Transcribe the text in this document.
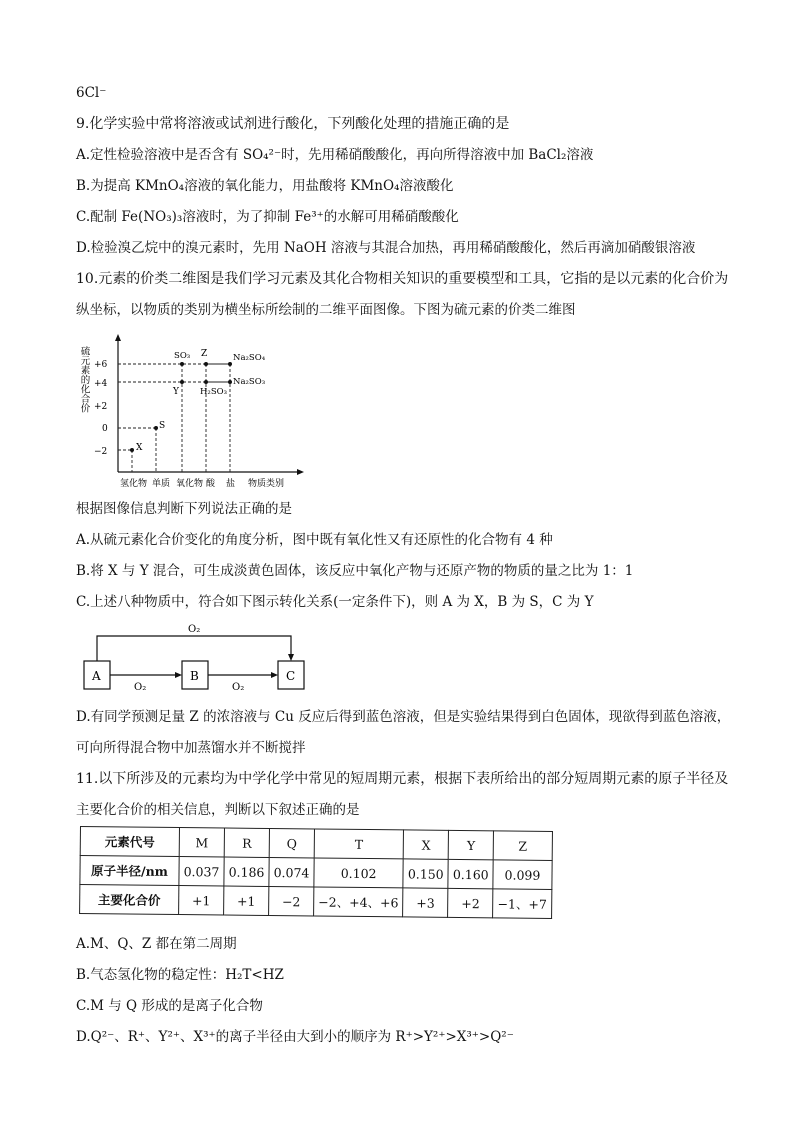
6Cl⁻
9.化学实验中常将溶液或试剂进行酸化，下列酸化处理的措施正确的是
A.定性检验溶液中是否含有 SO₄²⁻时，先用稀硝酸酸化，再向所得溶液中加 BaCl₂溶液
B.为提高 KMnO₄溶液的氧化能力，用盐酸将 KMnO₄溶液酸化
C.配制 Fe(NO₃)₃溶液时，为了抑制 Fe³⁺的水解可用稀硝酸酸化
D.检验溴乙烷中的溴元素时，先用 NaOH 溶液与其混合加热，再用稀硝酸酸化，然后再滴加硝酸银溶液
10.元素的价类二维图是我们学习元素及其化合物相关知识的重要模型和工具，它指的是以元素的化合价为
纵坐标，以物质的类别为横坐标所绘制的二维平面图像。下图为硫元素的价类二维图
硫元素的化合价 +6
+4
+2
0
−2	X
S
SO₃ Z
Y H₂SO₃
Na₂SO₄
Na₂SO₃
氢化物 单质 氧化物 酸 盐 物质类别
根据图像信息判断下列说法正确的是
A.从硫元素化合价变化的角度分析，图中既有氧化性又有还原性的化合物有 4 种
B.将 X 与 Y 混合，可生成淡黄色固体，该反应中氧化产物与还原产物的物质的量之比为 1：1
C.上述八种物质中，符合如下图示转化关系(一定条件下)，则 A 为 X，B 为 S，C 为 Y
A	B	C
O₂
O₂	O₂
D.有同学预测足量 Z 的浓溶液与 Cu 反应后得到蓝色溶液，但是实验结果得到白色固体，现欲得到蓝色溶液，
可向所得混合物中加蒸馏水并不断搅拌
11.以下所涉及的元素均为中学化学中常见的短周期元素，根据下表所给出的部分短周期元素的原子半径及
主要化合价的相关信息，判断以下叙述正确的是
元素代号	M	R	Q	T	X	Y	Z
原子半径/nm	0.037	0.186	0.074	0.102	0.150	0.160	0.099
主要化合价	+1	+1	−2	−2、+4、+6	+3	+2	−1、+7
A.M、Q、Z 都在第二周期
B.气态氢化物的稳定性：H₂T<HZ
C.M 与 Q 形成的是离子化合物
D.Q²⁻、R⁺、Y²⁺、X³⁺的离子半径由大到小的顺序为 R⁺>Y²⁺>X³⁺>Q²⁻
